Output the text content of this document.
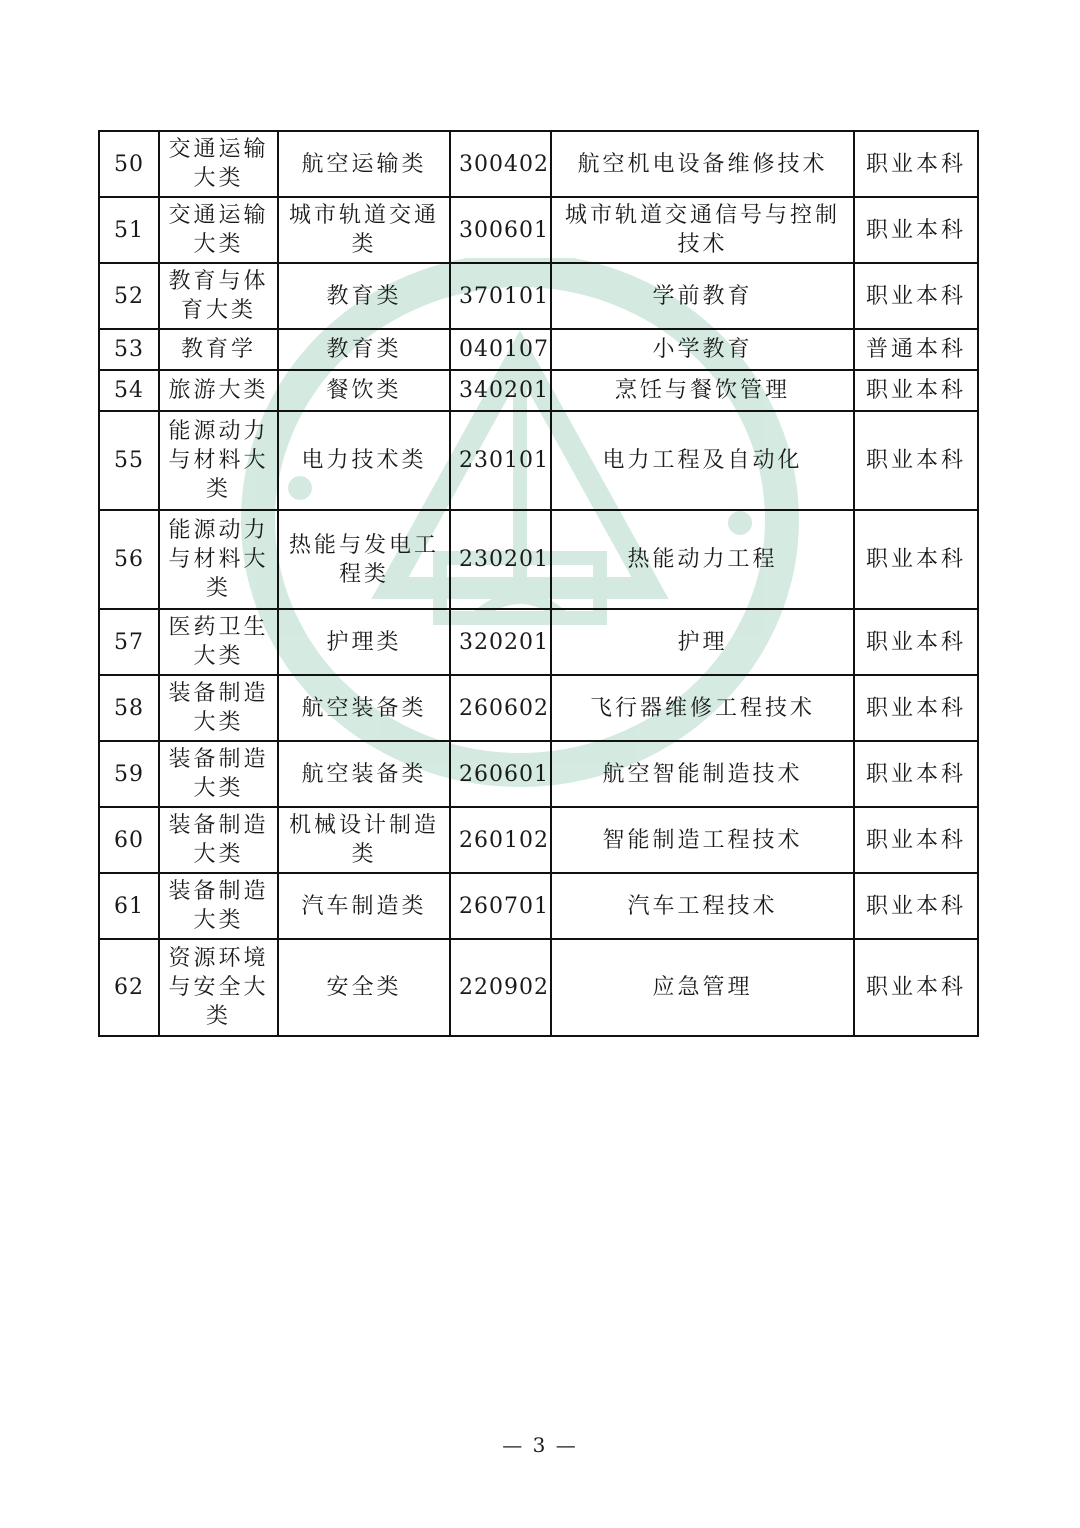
50	交通运输大类	航空运输类	300402	航空机电设备维修技术	职业本科
51	交通运输大类	城市轨道交通类	300601	城市轨道交通信号与控制技术	职业本科
52	教育与体育大类	教育类	370101	学前教育	职业本科
53	教育学	教育类	040107	小学教育	普通本科
54	旅游大类	餐饮类	340201	烹饪与餐饮管理	职业本科
55	能源动力与材料大类	电力技术类	230101	电力工程及自动化	职业本科
56	能源动力与材料大类	热能与发电工程类	230201	热能动力工程	职业本科
57	医药卫生大类	护理类	320201	护理	职业本科
58	装备制造大类	航空装备类	260602	飞行器维修工程技术	职业本科
59	装备制造大类	航空装备类	260601	航空智能制造技术	职业本科
60	装备制造大类	机械设计制造类	260102	智能制造工程技术	职业本科
61	装备制造大类	汽车制造类	260701	汽车工程技术	职业本科
62	资源环境与安全大类	安全类	220902	应急管理	职业本科
— 3 —
